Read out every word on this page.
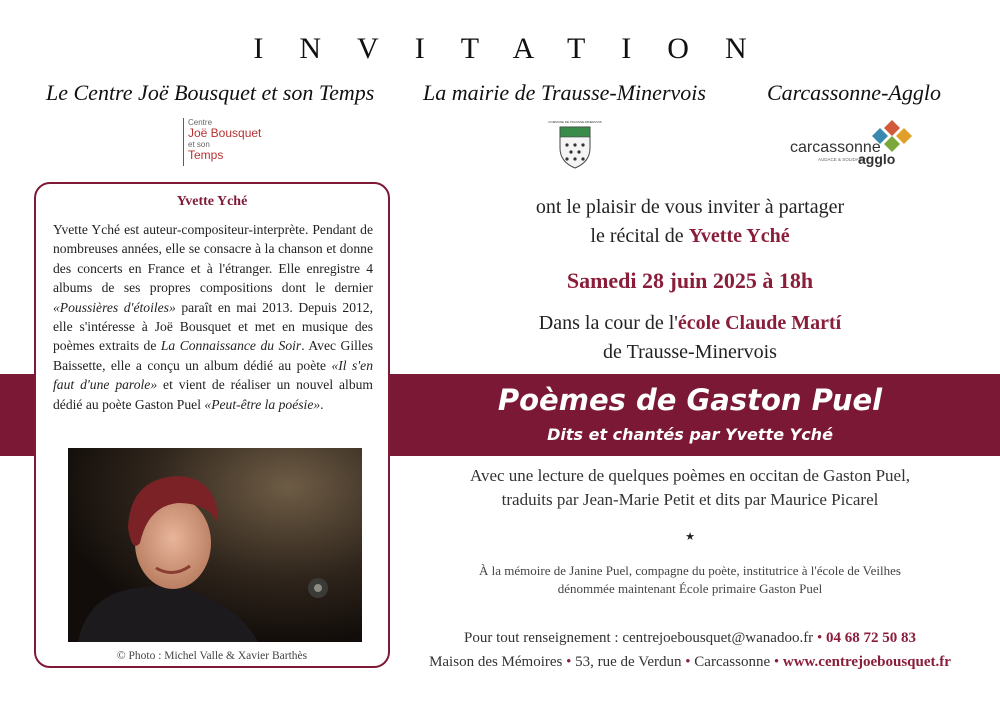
INVITATION
Le Centre Joë Bousquet et son Temps La mairie de Trausse-Minervois	Carcassonne-Agglo
Centre
Joë Bousquet
et son
Temps
COMMUNE DE TRAUSSE-MINERVOIS
carcassonne
AUDACE & SOLIDARITÉ
agglo
Poèmes de Gaston Puel
Dits et chantés par Yvette Yché
Yvette Yché
Yvette Yché est auteur-compositeur-interprète. Pendant de nombreuses années, elle se consacre à la chanson et donne des concerts en France et à l'étranger. Elle enregistre 4 albums de ses propres compositions dont le dernier «Poussières d'étoiles» paraît en mai 2013. Depuis 2012, elle s'intéresse à Joë Bousquet et met en musique des poèmes extraits de La Connaissance du Soir. Avec Gilles Baissette, elle a conçu un album dédié au poète «Il s'en faut d'une parole» et vient de réaliser un nouvel album dédié au poète Gaston Puel «Peut-être la poésie».
© Photo : Michel Valle & Xavier Barthès
ont le plaisir de vous inviter à partager
le récital de Yvette Yché
Samedi 28 juin 2025 à 18h
Dans la cour de l'école Claude Martí
de Trausse-Minervois
Avec une lecture de quelques poèmes en occitan de Gaston Puel,
traduits par Jean-Marie Petit et dits par Maurice Picarel
★
À la mémoire de Janine Puel, compagne du poète, institutrice à l'école de Veilhes
dénommée maintenant École primaire Gaston Puel
Pour tout renseignement : centrejoebousquet@wanadoo.fr • 04 68 72 50 83
Maison des Mémoires • 53, rue de Verdun • Carcassonne • www.centrejoebousquet.fr
